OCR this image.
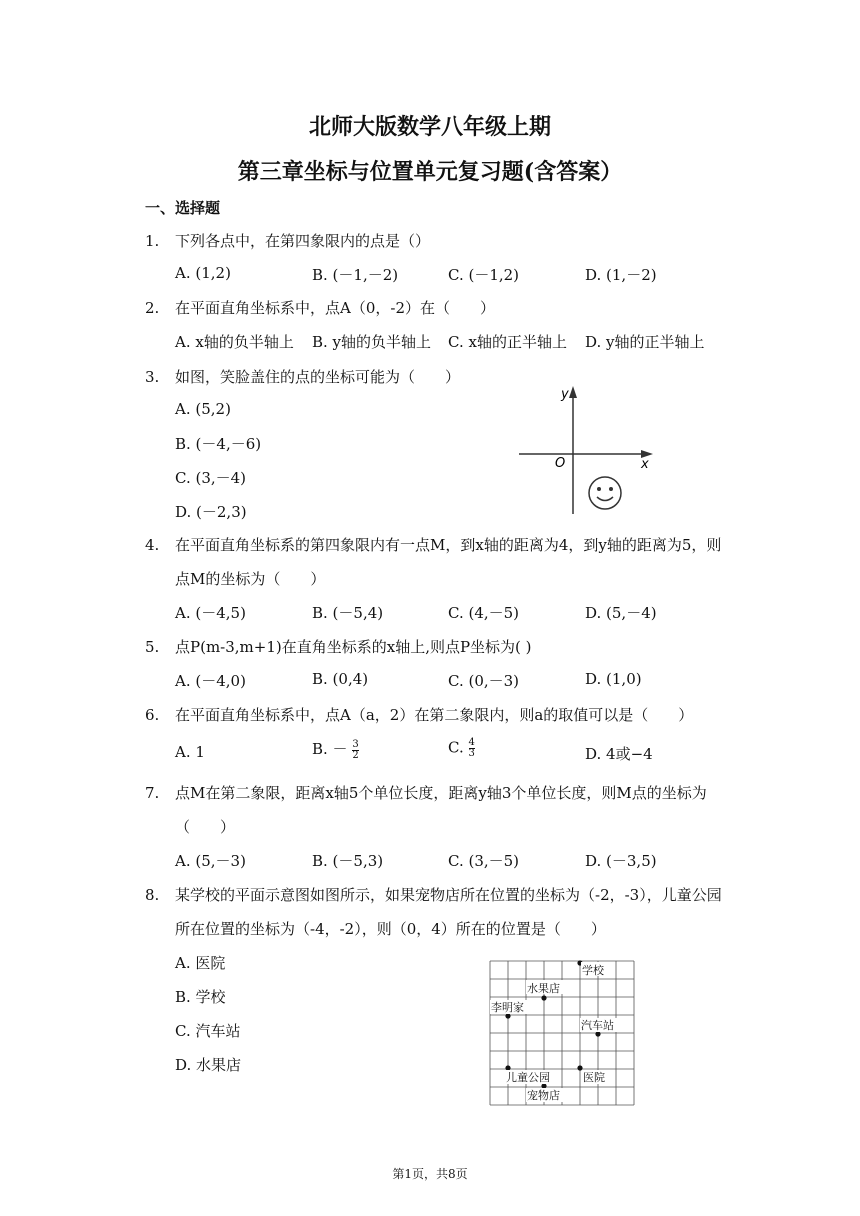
北师大版数学八年级上期
第三章坐标与位置单元复习题(含答案）
一、选择题
1. 下列各点中，在第四象限内的点是（）
A. (1,2)	B. (－1,－2)	C. (－1,2)	D. (1,－2)
2. 在平面直角坐标系中，点A（0，-2）在（　　）
A. x轴的负半轴上 B. y轴的负半轴上 C. x轴的正半轴上 D. y轴的正半轴上
3. 如图，笑脸盖住的点的坐标可能为（　　）
A. (5,2)
B. (－4,－6)
C. (3,－4)
D. (－2,3)
y
x
O
4. 在平面直角坐标系的第四象限内有一点M，到x轴的距离为4，到y轴的距离为5，则点M的坐标为（　　）
A. (－4,5)	B. (－5,4)	C. (4,－5)	D. (5,－4)
5. 点P(m-3,m+1)在直角坐标系的x轴上,则点P坐标为( )
A. (－4,0)	B. (0,4)	C. (0,－3)	D. (1,0)
6. 在平面直角坐标系中，点A（a，2）在第二象限内，则a的取值可以是（　　）
A. 1	B. － $\frac{3}{2}$	C. $\frac{4}{3}$	D. 4或−4
7. 点M在第二象限，距离x轴5个单位长度，距离y轴3个单位长度，则M点的坐标为（　　）
A. (5,－3)	B. (－5,3)	C. (3,－5)	D. (－3,5)
8. 某学校的平面示意图如图所示，如果宠物店所在位置的坐标为（-2，-3），儿童公园所在位置的坐标为（-4，-2），则（0，4）所在的位置是（　　）
A. 医院
B. 学校
C. 汽车站
D. 水果店
学校
水果店
李明家
汽车站
儿童公园	医院
宠物店
第1页，共8页
